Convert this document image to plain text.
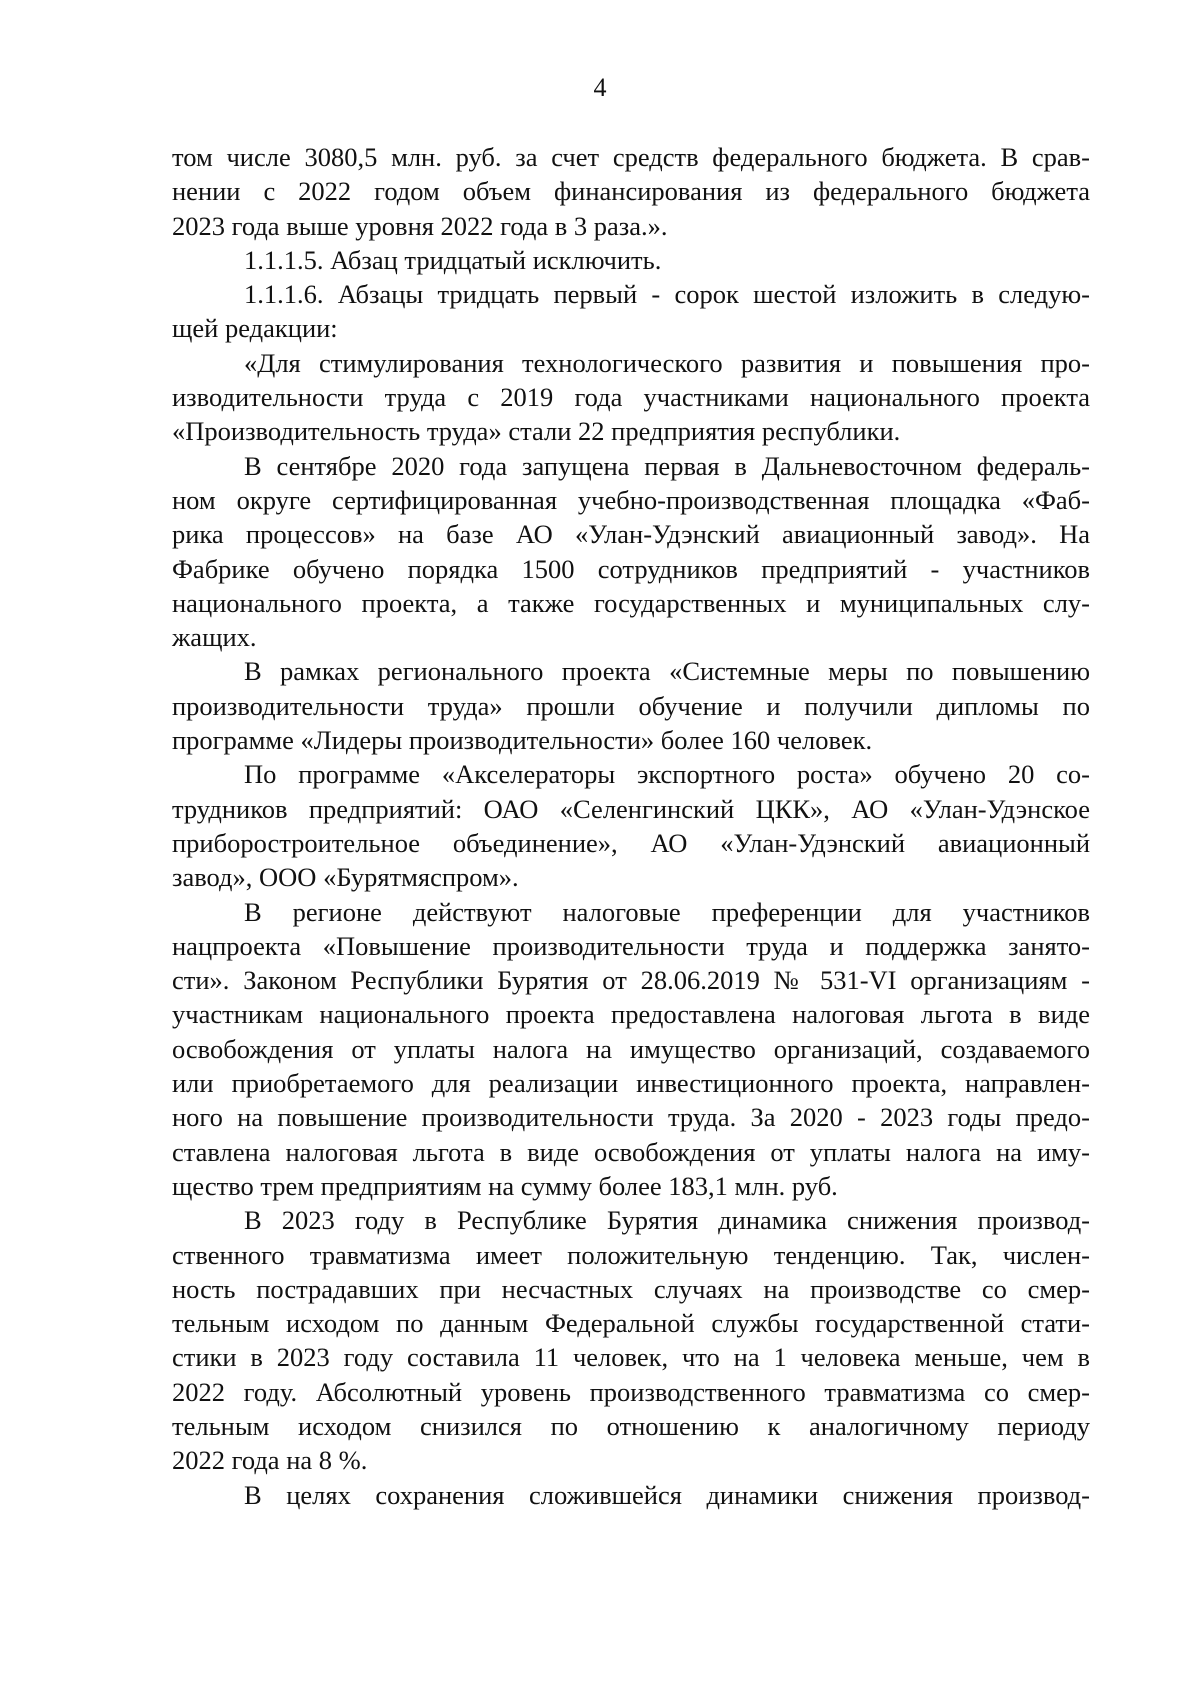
4
том числе 3080,5 млн. руб. за счет средств федерального бюджета. В срав-
нении с 2022 годом объем финансирования из федерального бюджета
2023 года выше уровня 2022 года в 3 раза.».
1.1.1.5. Абзац тридцатый исключить.
1.1.1.6. Абзацы тридцать первый - сорок шестой изложить в следую-
щей редакции:
«Для стимулирования технологического развития и повышения про-
изводительности труда с 2019 года участниками национального проекта
«Производительность труда» стали 22 предприятия республики.
В сентябре 2020 года запущена первая в Дальневосточном федераль-
ном округе сертифицированная учебно-производственная площадка «Фаб-
рика процессов» на базе АО «Улан-Удэнский авиационный завод». На
Фабрике обучено порядка 1500 сотрудников предприятий - участников
национального проекта, а также государственных и муниципальных слу-
жащих.
В рамках регионального проекта «Системные меры по повышению
производительности труда» прошли обучение и получили дипломы по
программе «Лидеры производительности» более 160 человек.
По программе «Акселераторы экспортного роста» обучено 20 со-
трудников предприятий: ОАО «Селенгинский ЦКК», АО «Улан-Удэнское
приборостроительное объединение», АО «Улан-Удэнский авиационный
завод», ООО «Бурятмяспром».
В регионе действуют налоговые преференции для участников
нацпроекта «Повышение производительности труда и поддержка занято-
сти». Законом Республики Бурятия от 28.06.2019 № 531-VI организациям -
участникам национального проекта предоставлена налоговая льгота в виде
освобождения от уплаты налога на имущество организаций, создаваемого
или приобретаемого для реализации инвестиционного проекта, направлен-
ного на повышение производительности труда. За 2020 - 2023 годы предо-
ставлена налоговая льгота в виде освобождения от уплаты налога на иму-
щество трем предприятиям на сумму более 183,1 млн. руб.
В 2023 году в Республике Бурятия динамика снижения производ-
ственного травматизма имеет положительную тенденцию. Так, числен-
ность пострадавших при несчастных случаях на производстве со смер-
тельным исходом по данным Федеральной службы государственной стати-
стики в 2023 году составила 11 человек, что на 1 человека меньше, чем в
2022 году. Абсолютный уровень производственного травматизма со смер-
тельным исходом снизился по отношению к аналогичному периоду
2022 года на 8 %.
В целях сохранения сложившейся динамики снижения производ-
